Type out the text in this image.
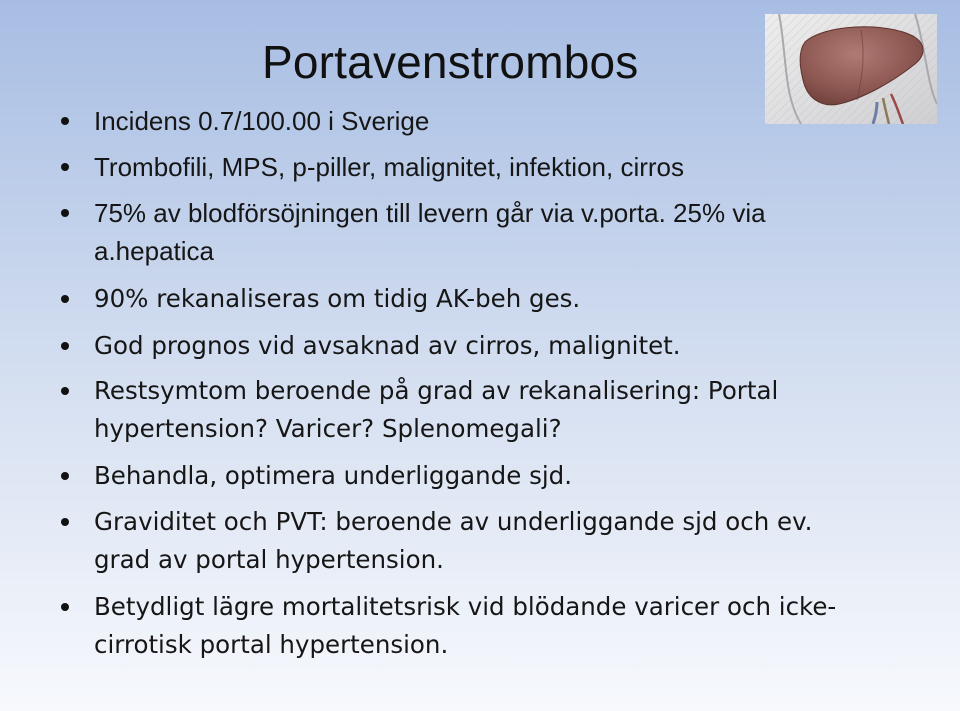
Portavenstrombos
Incidens 0.7/100.00 i Sverige
Trombofili, MPS, p-piller, malignitet, infektion, cirros
75% av blodförsöjningen till levern går via v.porta. 25% via
a.hepatica
90% rekanaliseras om tidig AK-beh ges.
God prognos vid avsaknad av cirros, malignitet.
Restsymtom beroende på grad av rekanalisering: Portal
hypertension? Varicer? Splenomegali?
Behandla, optimera underliggande sjd.
Graviditet och PVT: beroende av underliggande sjd och ev.
grad av portal hypertension.
Betydligt lägre mortalitetsrisk vid blödande varicer och icke-
cirrotisk portal hypertension.
